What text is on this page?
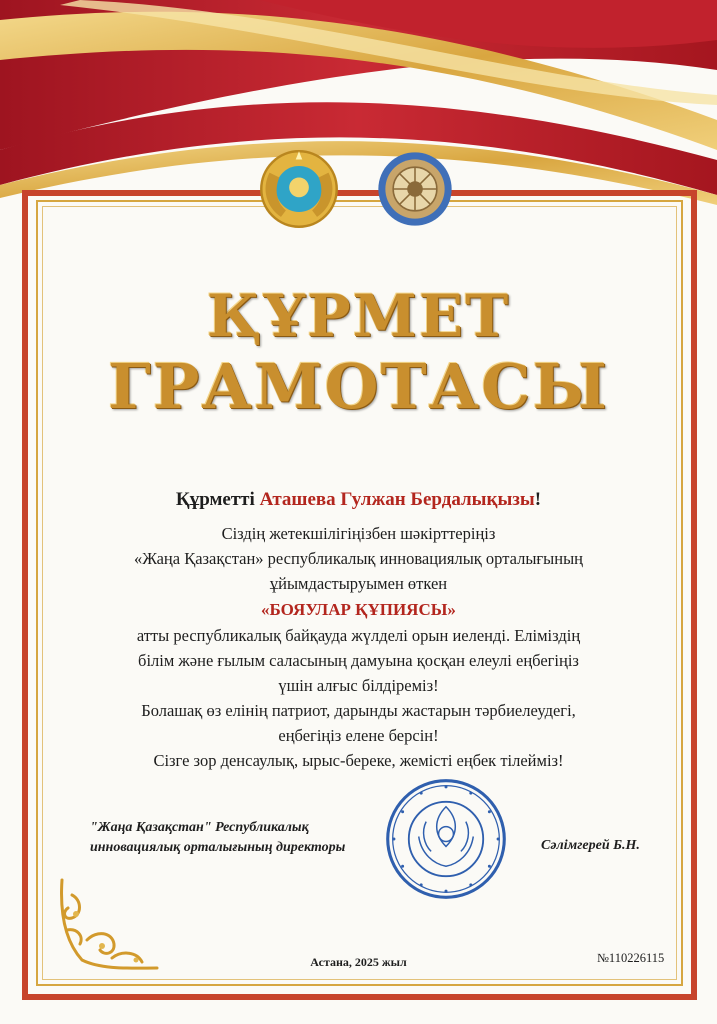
ҚҰРМЕТ
ГРАМОТАСЫ
Құрметті Аташева Гулжан Бердалықызы!
Сіздің жетекшілігіңізбен шәкірттеріңіз
«Жаңа Қазақстан» республикалық инновациялық орталығының
ұйымдастыруымен өткен
«БОЯУЛАР ҚҰПИЯСЫ»
атты республикалық байқауда жүлделі орын иеленді. Еліміздің
білім және ғылым саласының дамуына қосқан елеулі еңбегіңіз
үшін алғыс білдіреміз!
Болашақ өз елінің патриот, дарынды жастарын тәрбиелеудегі,
еңбегіңіз елене берсін!
Сізге зор денсаулық, ырыс-береке, жемісті еңбек тілейміз!
"Жаңа Қазақстан" Республикалық
инновациялық орталығының директоры	Сәлімгерей Б.Н.
Астана, 2025 жыл	№110226115
